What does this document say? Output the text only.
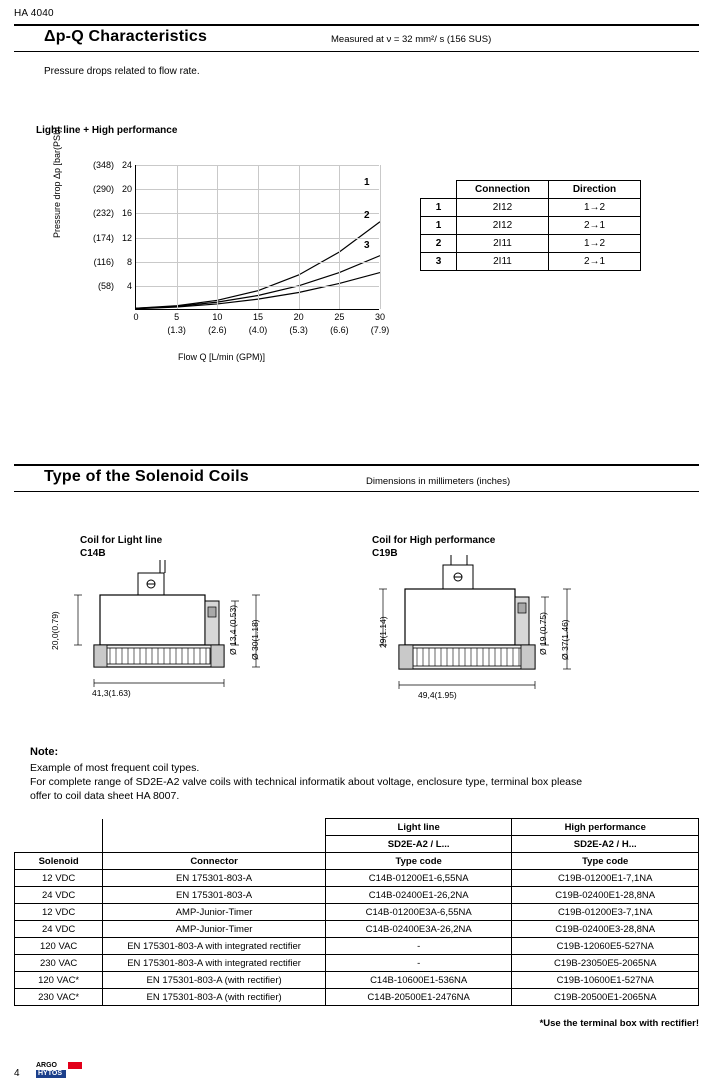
HA 4040
Δp-Q Characteristics	Measured at ν = 32 mm²/ s (156 SUS)
Pressure drops related to flow rate.
Light line + High performance
Pressure drop Δp [bar(PSI)]
Flow Q [L/min (GPM)]
0	5
(1.3)
10
(2.6)
15
(4.0)
20
(5.3)
25
(6.6)
30
(7.9)
4
(58)
8
(116)
12
(174)
16
(232)
20
(290)
24
(348)
1
2
3
	Connection	Direction
1	2I12	1→2
1	2I12	2→1
2	2I11	1→2
3	2I11	2→1
Type of the Solenoid Coils	Dimensions in millimeters (inches)
Coil for Light line
C14B
20,0(0.79)	Ø 13,4 (0.53) Ø 30(1.18)
41,3(1.63)
Coil for High performance
C19B
29(1.14)	Ø 19 (0.75) Ø 37(1.46)
49,4(1.95)
Note:
Example of most frequent coil types.
For complete range of SD2E-A2 valve coils with technical informatik about voltage, enclosure type, terminal box please
offer to coil data sheet HA 8007.
		Light line	High performance
		SD2E-A2 / L...	SD2E-A2 / H...
Solenoid	Connector	Type code	Type code
12 VDC	EN 175301-803-A	C14B-01200E1-6,55NA	C19B-01200E1-7,1NA
24 VDC	EN 175301-803-A	C14B-02400E1-26,2NA	C19B-02400E1-28,8NA
12 VDC	AMP-Junior-Timer	C14B-01200E3A-6,55NA	C19B-01200E3-7,1NA
24 VDC	AMP-Junior-Timer	C14B-02400E3A-26,2NA	C19B-02400E3-28,8NA
120 VAC	EN 175301-803-A with integrated rectifier	-	C19B-12060E5-527NA
230 VAC	EN 175301-803-A with integrated rectifier	-	C19B-23050E5-2065NA
120 VAC*	EN 175301-803-A (with rectifier)	C14B-10600E1-536NA	C19B-10600E1-527NA
230 VAC*	EN 175301-803-A (with rectifier)	C14B-20500E1-2476NA	C19B-20500E1-2065NA
*Use the terminal box with rectifier!
4
ARGO
HYTOS
